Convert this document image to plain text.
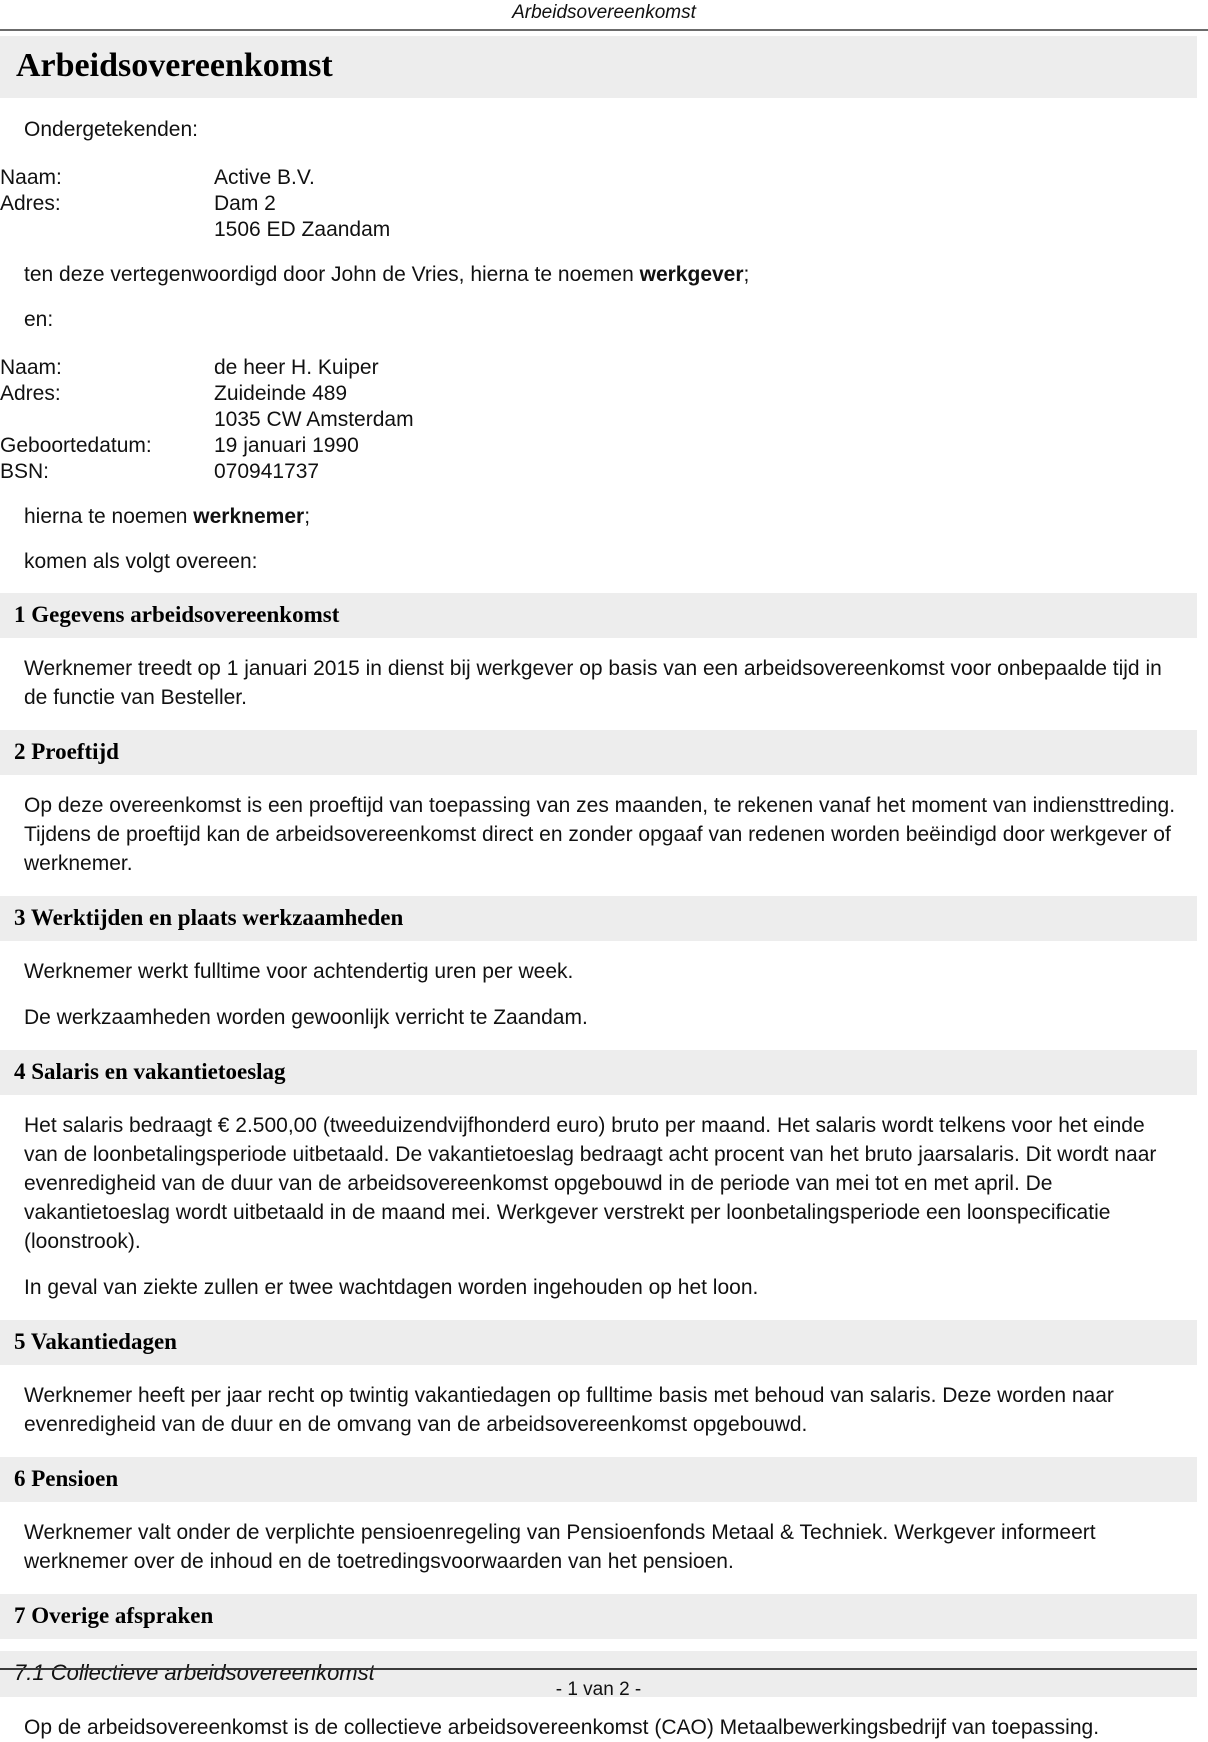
Arbeidsovereenkomst
Arbeidsovereenkomst

Ondergetekenden:

Naam:	Active B.V.
Adres:	Dam 2
	1506 ED Zaandam

ten deze vertegenwoordigd door John de Vries, hierna te noemen werkgever;

en:

Naam:	de heer H. Kuiper
Adres:	Zuideinde 489
	1035 CW Amsterdam
Geboortedatum:	19 januari 1990
BSN:	070941737

hierna te noemen werknemer;

komen als volgt overeen:

1 Gegevens arbeidsovereenkomst

Werknemer treedt op 1 januari 2015 in dienst bij werkgever op basis van een arbeidsovereenkomst voor onbepaalde tijd in de functie van Besteller.

2 Proeftijd

Op deze overeenkomst is een proeftijd van toepassing van zes maanden, te rekenen vanaf het moment van indiensttreding. Tijdens de proeftijd kan de arbeidsovereenkomst direct en zonder opgaaf van redenen worden beëindigd door werkgever of werknemer.

3 Werktijden en plaats werkzaamheden

Werknemer werkt fulltime voor achtendertig uren per week.

De werkzaamheden worden gewoonlijk verricht te Zaandam.

4 Salaris en vakantietoeslag

Het salaris bedraagt € 2.500,00 (tweeduizendvijfhonderd euro) bruto per maand. Het salaris wordt telkens voor het einde van de loonbetalingsperiode uitbetaald. De vakantietoeslag bedraagt acht procent van het bruto jaarsalaris. Dit wordt naar evenredigheid van de duur van de arbeidsovereenkomst opgebouwd in de periode van mei tot en met april. De vakantietoeslag wordt uitbetaald in de maand mei. Werkgever verstrekt per loonbetalingsperiode een loonspecificatie (loonstrook).

In geval van ziekte zullen er twee wachtdagen worden ingehouden op het loon.

5 Vakantiedagen

Werknemer heeft per jaar recht op twintig vakantiedagen op fulltime basis met behoud van salaris. Deze worden naar evenredigheid van de duur en de omvang van de arbeidsovereenkomst opgebouwd.

6 Pensioen

Werknemer valt onder de verplichte pensioenregeling van Pensioenfonds Metaal & Techniek. Werkgever informeert werknemer over de inhoud en de toetredingsvoorwaarden van het pensioen.

7 Overige afspraken
7.1 Collectieve arbeidsovereenkomst

Op de arbeidsovereenkomst is de collectieve arbeidsovereenkomst (CAO) Metaalbewerkingsbedrijf van toepassing.

- 1 van 2 -
